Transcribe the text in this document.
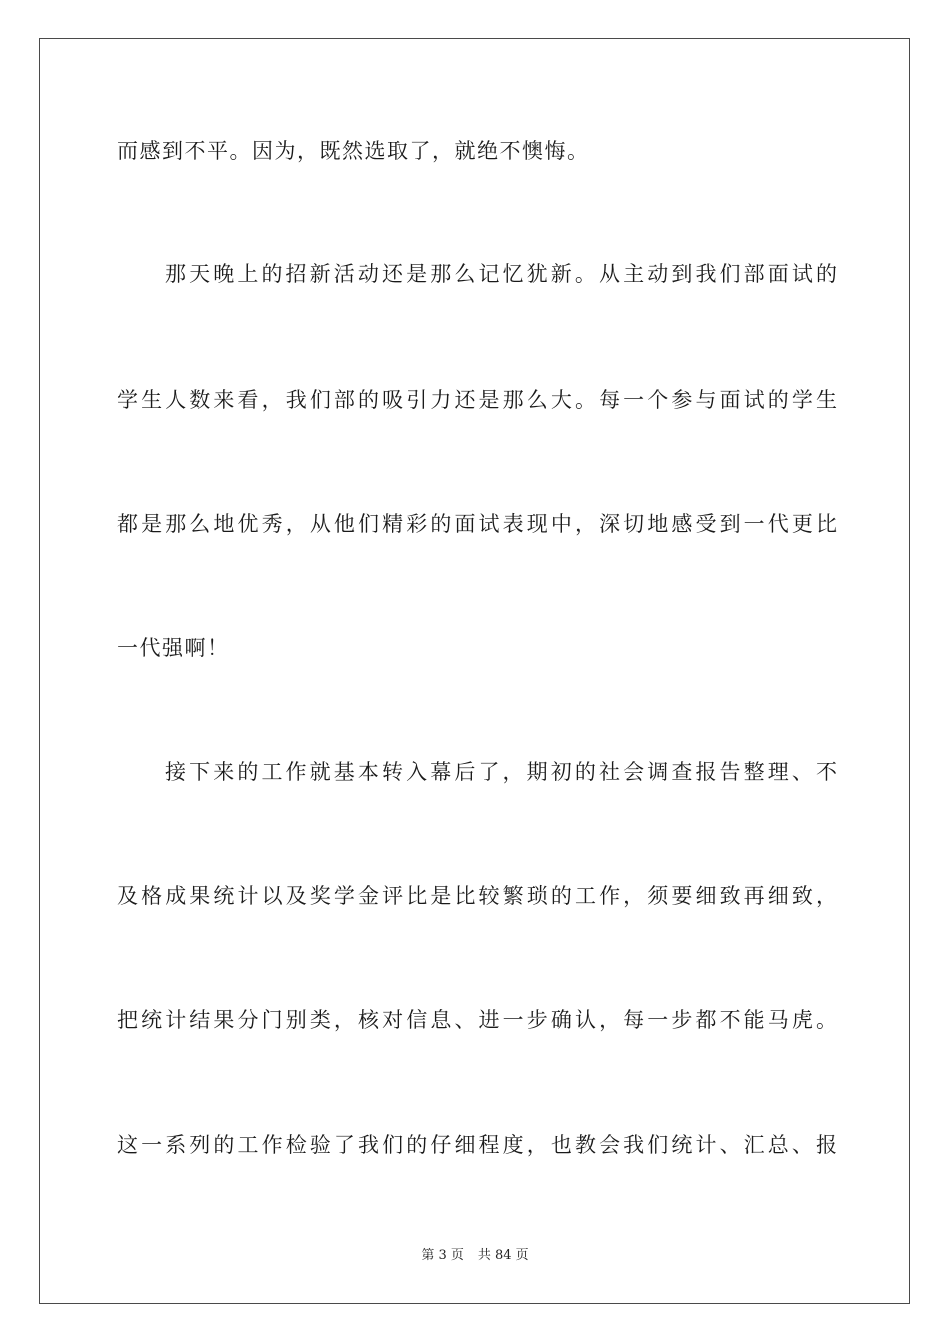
而感到不平。因为，既然选取了，就绝不懊悔。
那天晚上的招新活动还是那么记忆犹新。从主动到我们部面试的
学生人数来看，我们部的吸引力还是那么大。每一个参与面试的学生
都是那么地优秀，从他们精彩的面试表现中，深切地感受到一代更比
一代强啊！
接下来的工作就基本转入幕后了，期初的社会调查报告整理、不
及格成果统计以及奖学金评比是比较繁琐的工作，须要细致再细致，
把统计结果分门别类，核对信息、进一步确认，每一步都不能马虎。
这一系列的工作检验了我们的仔细程度，也教会我们统计、汇总、报
第 3 页 共 84 页
